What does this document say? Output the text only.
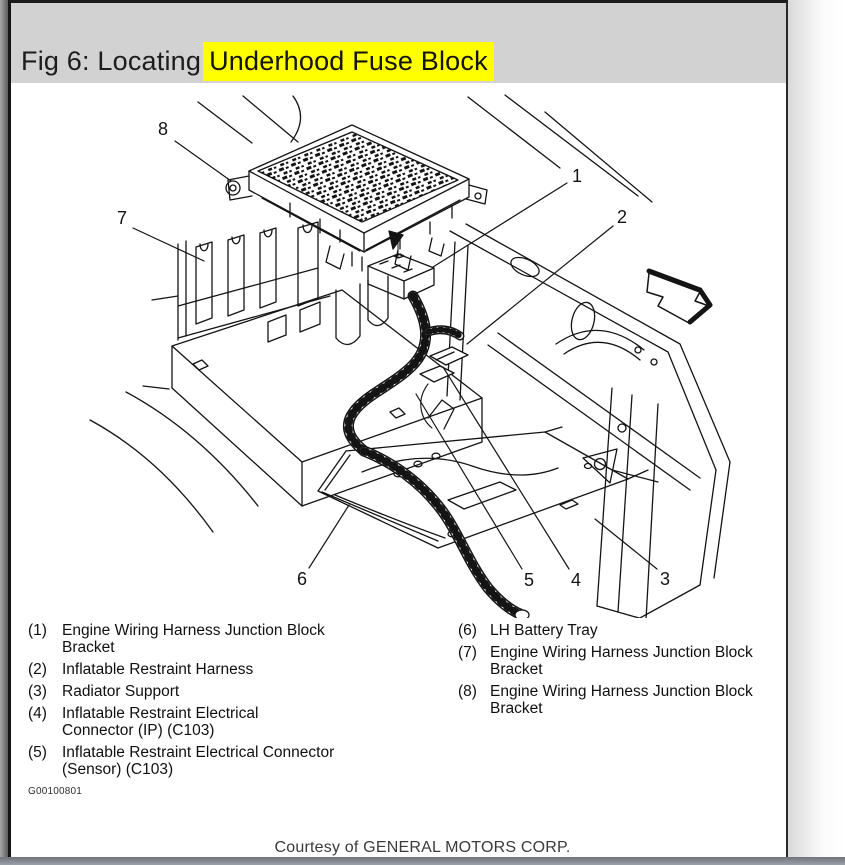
Fig 6: Locating Underhood Fuse Block
1
2
3
4
5
6
7
8
(1) Engine Wiring Harness Junction Block
Bracket
(2) Inflatable Restraint Harness
(3) Radiator Support
(4) Inflatable Restraint Electrical
Connector (IP) (C103)
(5) Inflatable Restraint Electrical Connector
(Sensor) (C103)
(6) LH Battery Tray
(7) Engine Wiring Harness Junction Block
Bracket
(8) Engine Wiring Harness Junction Block
Bracket
G00100801
Courtesy of GENERAL MOTORS CORP.
